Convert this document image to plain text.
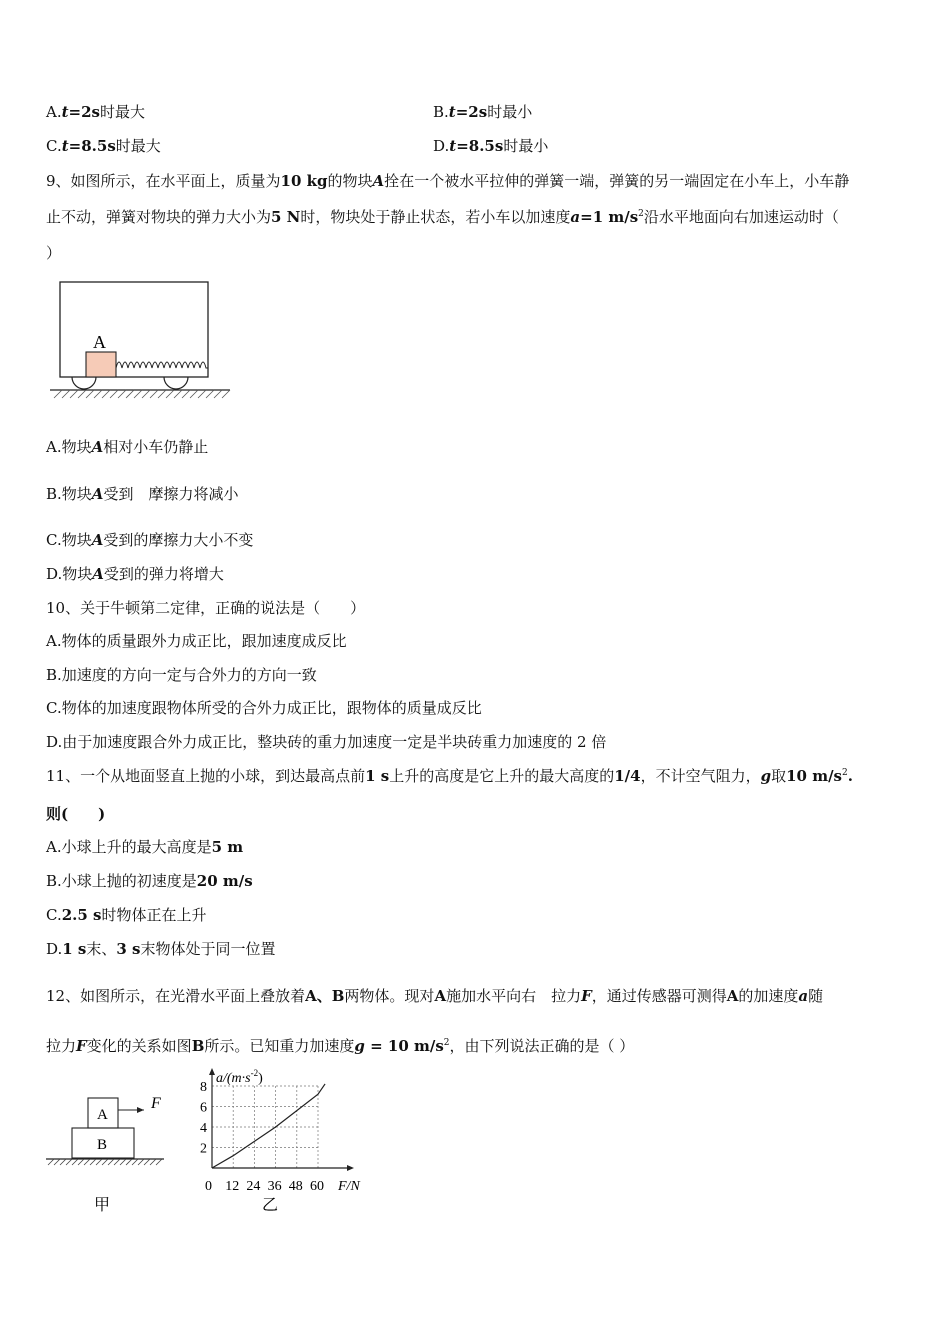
A.t=2s时最大	B.t=2s时最小
C.t=8.5s时最大	D.t=8.5s时最小
9、如图所示，在水平面上，质量为10 kg的物块A拴在一个被水平拉伸的弹簧一端，弹簧的另一端固定在小车上，小车静
止不动，弹簧对物块的弹力大小为5 N时，物块处于静止状态，若小车以加速度a=1 $m/s^2$沿水平地面向右加速运动时（
）
A
A.物块A相对小车仍静止
B.物块A受到　摩擦力将减小
C.物块A受到的摩擦力大小不变
D.物块A受到的弹力将增大
10、关于牛顿第二定律，正确的说法是（　　）
A.物体的质量跟外力成正比，跟加速度成反比
B.加速度的方向一定与合外力的方向一致
C.物体的加速度跟物体所受的合外力成正比，跟物体的质量成反比
D.由于加速度跟合外力成正比，整块砖的重力加速度一定是半块砖重力加速度的 2 倍
11、一个从地面竖直上抛的小球，到达最高点前1 s上升的高度是它上升的最大高度的1/4，不计空气阻力，g取10 $m/s^2$.
则(　　)
A.小球上升的最大高度是5 m
B.小球上抛的初速度是20 m/s
C.2.5 s时物体正在上升
D.1 s末、3 s末物体处于同一位置
12、如图所示，在光滑水平面上叠放着A、B两物体。现对A施加水平向右　拉力F，通过传感器可测得A的加速度a随
拉力F变化的关系如图B所示。已知重力加速度g = 10 $m/s^2$，由下列说法正确的是（ ）
A
B
F
甲
12 24 36 48 60
2
4
6
8
$a/(m\cdot s^{-2})$
0	F/N
乙
